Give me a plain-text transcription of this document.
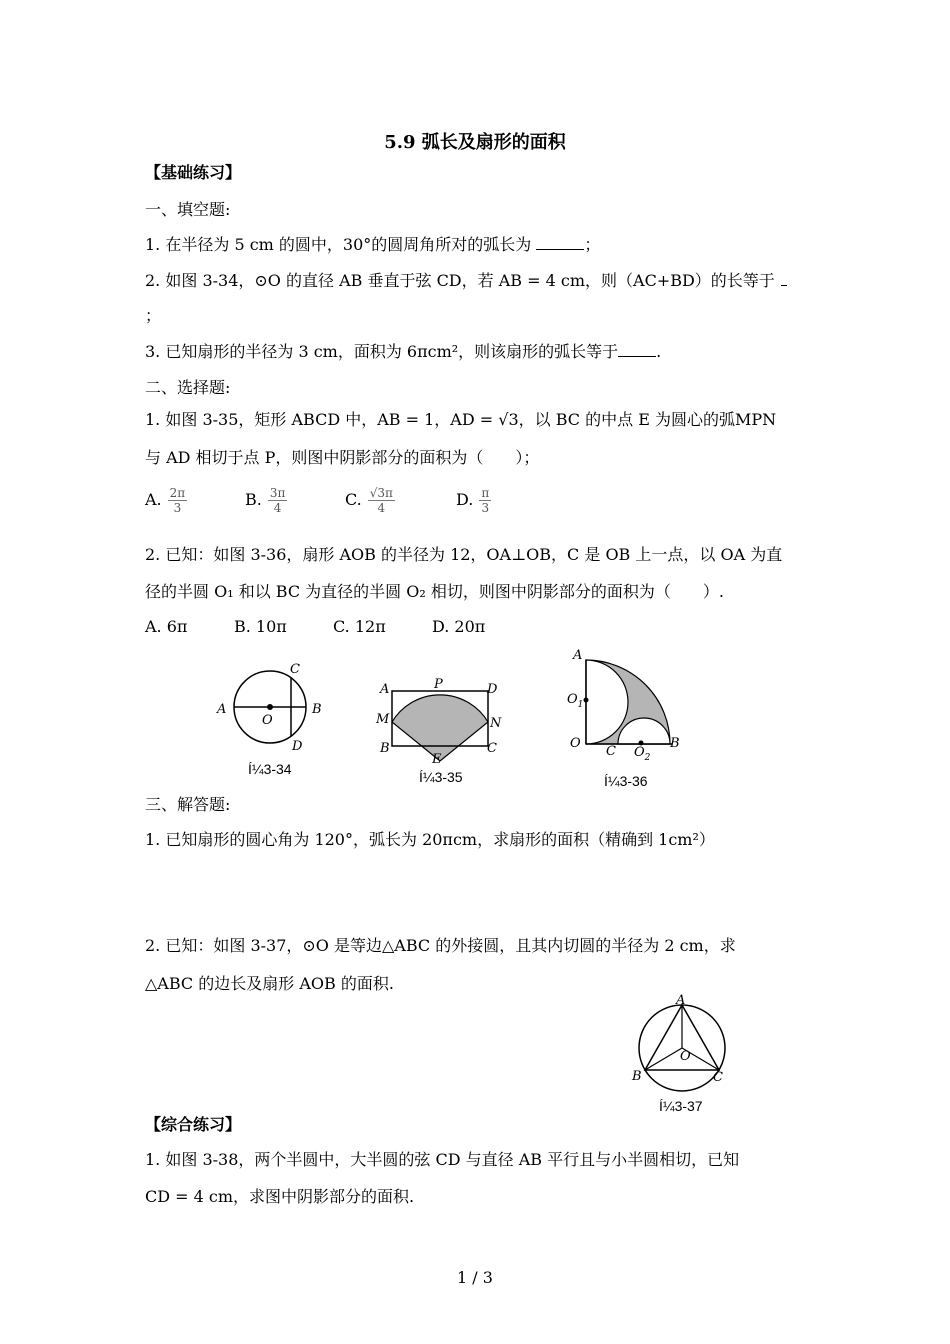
5.9 弧长及扇形的面积
【基础练习】
一、填空题:
1. 在半径为 5 cm 的圆中，30°的圆周角所对的弧长为	；
2. 如图 3-34，⊙O 的直径 AB 垂直于弦 CD，若 AB = 4 cm，则（AC+BD）的长等于
；
3. 已知扇形的半径为 3 cm，面积为 6πcm²，则该扇形的弧长等于 .
二、选择题:
1. 如图 3-35，矩形 ABCD 中，AB = 1，AD = √3，以 BC 的中点 E 为圆心的弧MPN
与 AD 相切于点 P，则图中阴影部分的面积为（　　）；
A. $\frac{2\pi}{3}$	B. $\frac{3\pi}{4}$	C. $\frac{√3\pi}{4}$	D. $\frac{\pi}{3}$
2. 已知：如图 3-36，扇形 AOB 的半径为 12，OA⊥OB，C 是 OB 上一点，以 OA 为直
径的半圆 O₁ 和以 BC 为直径的半圆 O₂ 相切，则图中阴影部分的面积为（　　）.
A. 6π	B. 10π	C. 12π	D. 20π
A	B
C
D
O
Í¼3-34
A	P	D
M	N
B
E
C
Í¼3-35
A
$O_1$
O
C $O_2$
B
Í¼3-36
三、解答题:
1. 已知扇形的圆心角为 120°，弧长为 20πcm，求扇形的面积（精确到 1cm²）
2. 已知：如图 3-37，⊙O 是等边△ABC 的外接圆，且其内切圆的半径为 2 cm，求
△ABC 的边长及扇形 AOB 的面积.
A
O
B	C
Í¼3-37
【综合练习】
1. 如图 3-38，两个半圆中，大半圆的弦 CD 与直径 AB 平行且与小半圆相切，已知
CD = 4 cm，求图中阴影部分的面积.
1 / 3
